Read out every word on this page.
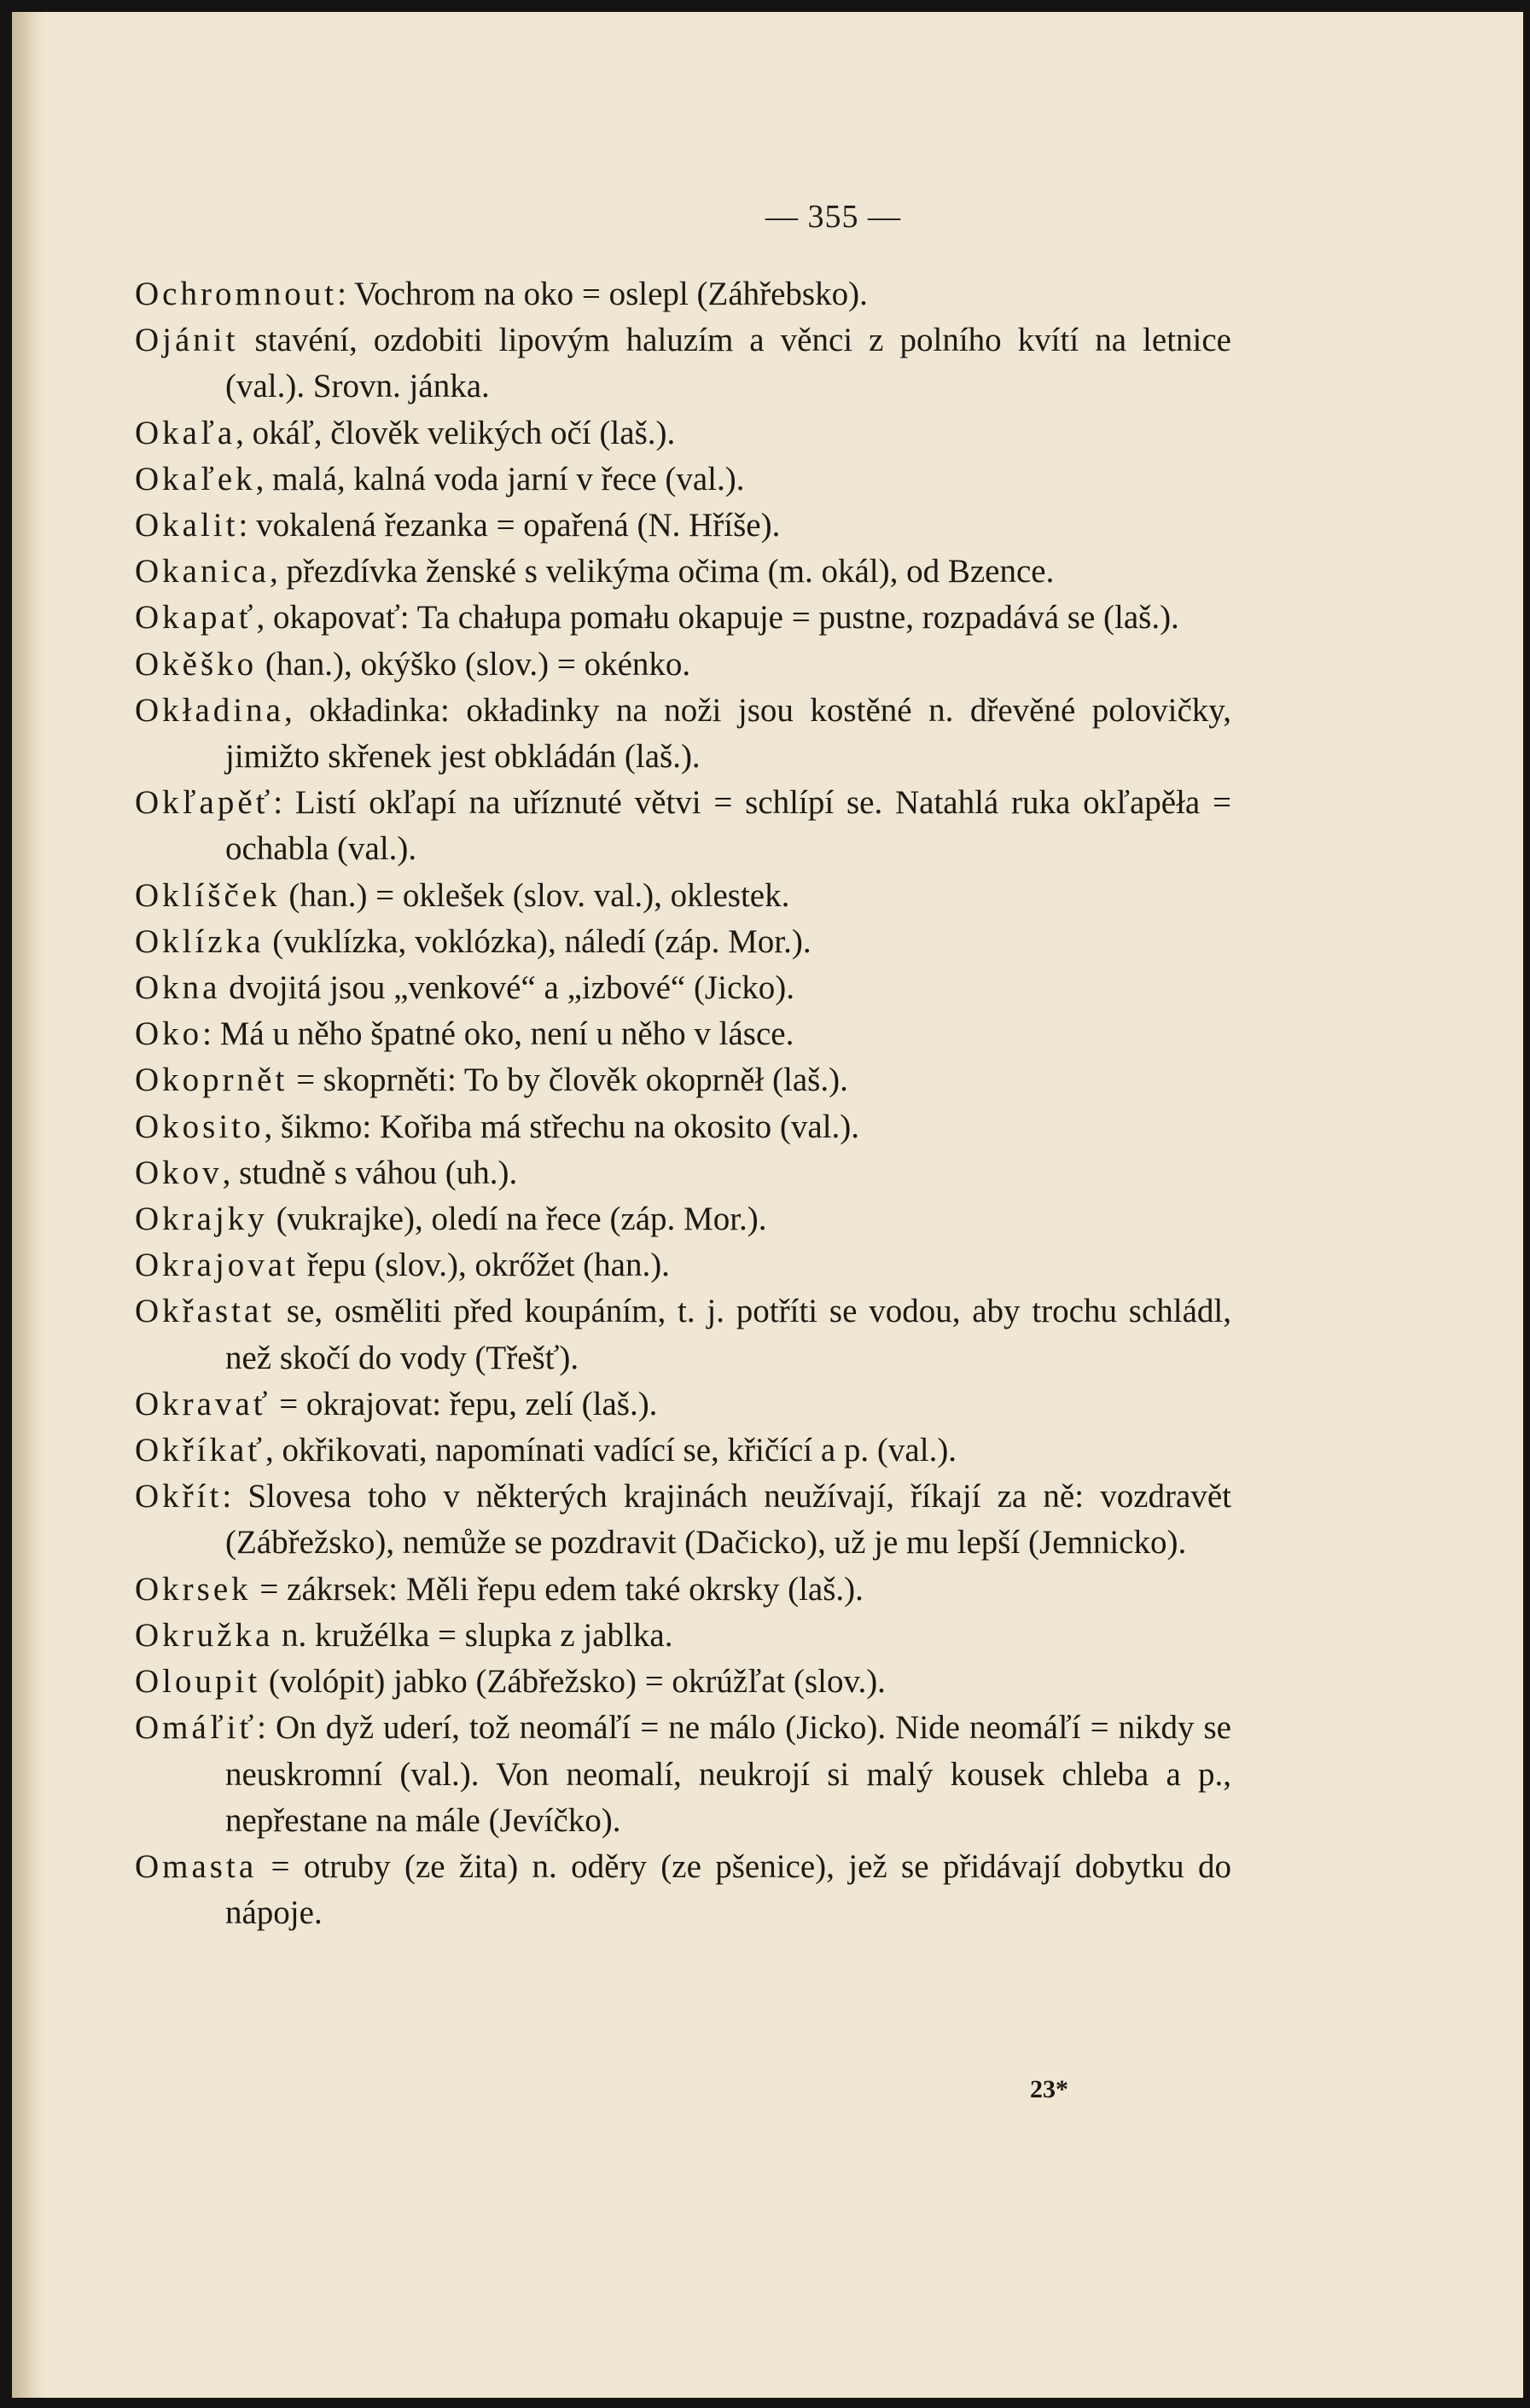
— 355 —
Ochromnout: Vochrom na oko = oslepl (Záhřebsko).
Ojánit stavéní, ozdobiti lipovým haluzím a věnci z polního kvítí na letnice (val.). Srovn. jánka.
Okaľa, okáľ, člověk velikých očí (laš.).
Okaľek, malá, kalná voda jarní v řece (val.).
Okalit: vokalená řezanka = opařená (N. Hříše).
Okanica, přezdívka ženské s velikýma očima (m. okál), od Bzence.
Okapať, okapovať: Ta chałupa pomału okapuje = pustne, rozpadává se (laš.).
Okěško (han.), okýško (slov.) = okénko.
Okładina, okładinka: okładinky na noži jsou kostěné n. dřevěné polovičky, jimižto skřenek jest obkládán (laš.).
Okľapěť: Listí okľapí na uříznuté větvi = schlípí se. Natahlá ruka okľapěła = ochabla (val.).
Oklíšček (han.) = oklešek (slov. val.), oklestek.
Oklízka (vuklízka, voklózka), náledí (záp. Mor.).
Okna dvojitá jsou „venkové“ a „izbové“ (Jicko).
Oko: Má u něho špatné oko, není u něho v lásce.
Okoprnět = skoprněti: To by člověk okoprněł (laš.).
Okosito, šikmo: Kořiba má střechu na okosito (val.).
Okov, studně s váhou (uh.).
Okrajky (vukrajke), oledí na řece (záp. Mor.).
Okrajovat řepu (slov.), okrőžet (han.).
Okřastat se, osměliti před koupáním, t. j. potříti se vodou, aby trochu schládl, než skočí do vody (Třešť).
Okravať = okrajovat: řepu, zelí (laš.).
Okříkať, okřikovati, napomínati vadící se, křičící a p. (val.).
Okřít: Slovesa toho v některých krajinách neužívají, říkají za ně: vozdravět (Zábřežsko), nemůže se pozdravit (Dačicko), už je mu lepší (Jemnicko).
Okrsek = zákrsek: Měli řepu edem také okrsky (laš.).
Okružka n. kružélka = slupka z jablka.
Oloupit (volópit) jabko (Zábřežsko) = okrúžľat (slov.).
Omáľiť: On dyž uderí, tož neomáľí = ne málo (Jicko). Nide neomáľí = nikdy se neuskromní (val.). Von neomalí, neukrojí si malý kousek chleba a p., nepřestane na mále (Jevíčko).
Omasta = otruby (ze žita) n. oděry (ze pšenice), jež se přidávají dobytku do nápoje.
23*
